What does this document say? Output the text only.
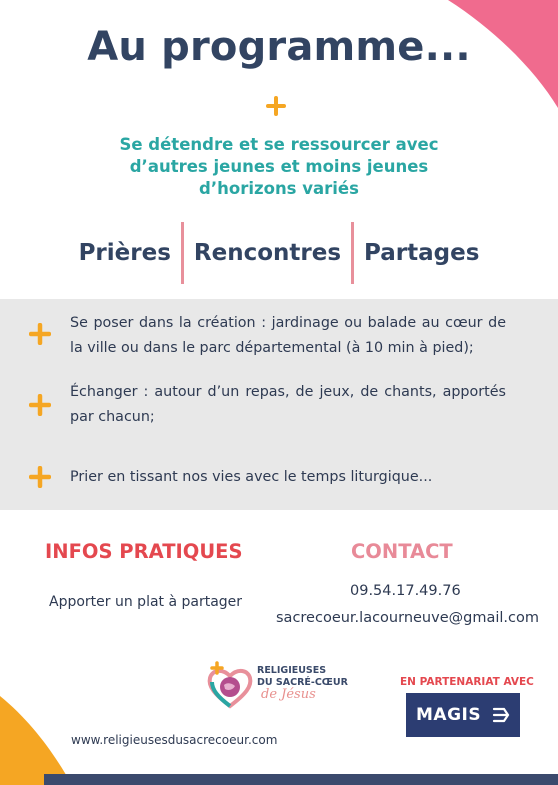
Au programme...
Se détendre et se ressourcer avec
d’autres jeunes et moins jeunes
d’horizons variés
Prières	Rencontres	Partages
Se poser dans la création : jardinage ou balade au cœur de la ville ou dans le parc départemental (à 10 min à pied);
Échanger : autour d’un repas, de jeux, de chants, apportés par chacun;
Prier en tissant nos vies avec le temps liturgique...
INFOS PRATIQUES
Apporter un plat à partager
CONTACT
09.54.17.49.76
sacrecoeur.lacourneuve@gmail.com
RELIGIEUSES
DU SACRÉ-CŒUR
de Jésus
EN PARTENARIAT AVEC
MAGIS
www.religieusesdusacrecoeur.com
